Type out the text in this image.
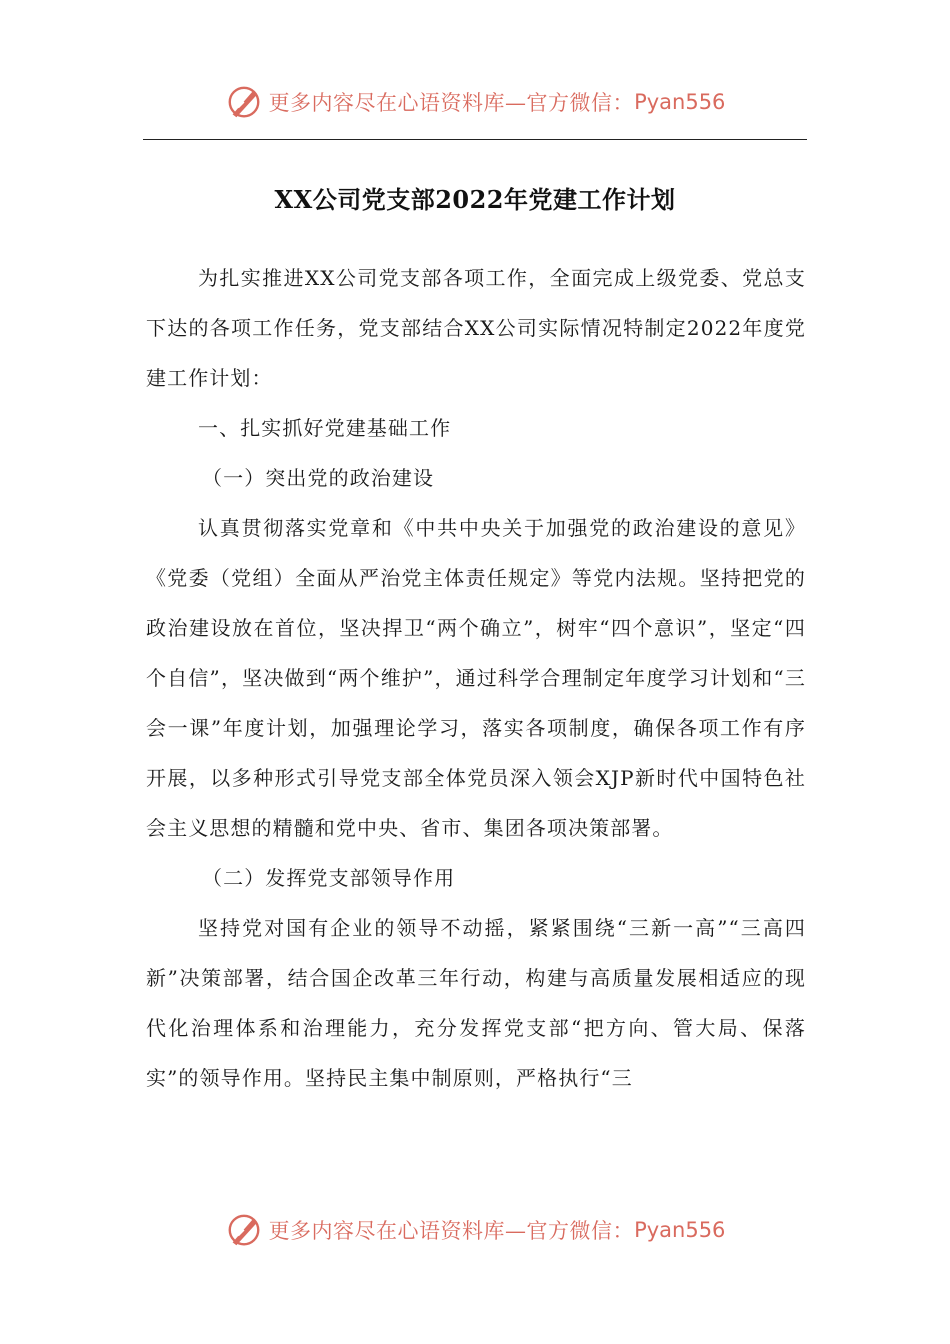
更多内容尽在心语资料库—官方微信： Pyan556
XX公司党支部2022年党建工作计划

为扎实推进XX公司党支部各项工作，全面完成上级党委、党总支下达的各项工作任务，党支部结合XX公司实际情况特制定2022年度党建工作计划：

一、扎实抓好党建基础工作

（一）突出党的政治建设

认真贯彻落实党章和《中共中央关于加强党的政治建设的意见》《党委（党组）全面从严治党主体责任规定》等党内法规。坚持把党的政治建设放在首位，坚决捍卫“两个确立”，树牢“四个意识”，坚定“四个自信”，坚决做到“两个维护”，通过科学合理制定年度学习计划和“三会一课”年度计划，加强理论学习，落实各项制度，确保各项工作有序开展，以多种形式引导党支部全体党员深入领会XJP新时代中国特色社会主义思想的精髓和党中央、省市、集团各项决策部署。

（二）发挥党支部领导作用

坚持党对国有企业的领导不动摇，紧紧围绕“三新一高”“三高四新”决策部署，结合国企改革三年行动，构建与高质量发展相适应的现代化治理体系和治理能力，充分发挥党支部“把方向、管大局、保落实”的领导作用。坚持民主集中制原则，严格执行“三

更多内容尽在心语资料库—官方微信： Pyan556
